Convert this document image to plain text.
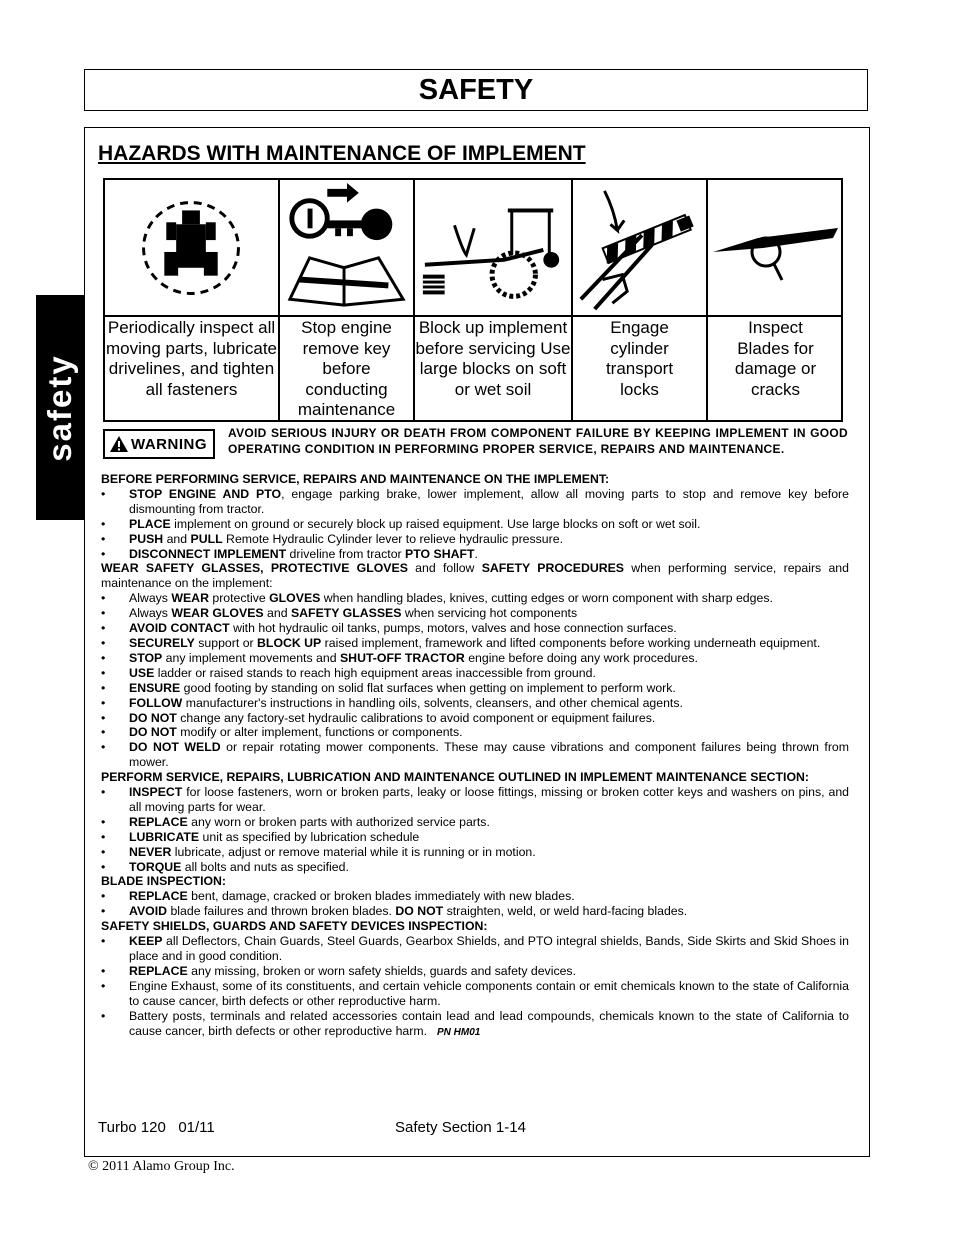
SAFETY
safety
HAZARDS WITH MAINTENANCE OF IMPLEMENT
Periodically inspect all moving parts, lubricate drivelines, and tighten all fasteners
Stop engine remove key before conducting maintenance
Block up implement before servicing Use large blocks on soft or wet soil
Engage cylinder transport locks
Inspect Blades for damage or cracks
WARNING
AVOID SERIOUS INJURY OR DEATH FROM COMPONENT FAILURE BY KEEPING IMPLEMENT IN GOOD OPERATING CONDITION IN PERFORMING PROPER SERVICE, REPAIRS AND MAINTENANCE.

BEFORE PERFORMING SERVICE, REPAIRS AND MAINTENANCE ON THE IMPLEMENT:

• STOP ENGINE AND PTO, engage parking brake, lower implement, allow all moving parts to stop and remove key before dismounting from tractor.

• PLACE implement on ground or securely block up raised equipment. Use large blocks on soft or wet soil.

• PUSH and PULL Remote Hydraulic Cylinder lever to relieve hydraulic pressure.

• DISCONNECT IMPLEMENT driveline from tractor PTO SHAFT.

WEAR SAFETY GLASSES, PROTECTIVE GLOVES and follow SAFETY PROCEDURES when performing service, repairs and maintenance on the implement:

• Always WEAR protective GLOVES when handling blades, knives, cutting edges or worn component with sharp edges.

• Always WEAR GLOVES and SAFETY GLASSES when servicing hot components

• AVOID CONTACT with hot hydraulic oil tanks, pumps, motors, valves and hose connection surfaces.

• SECURELY support or BLOCK UP raised implement, framework and lifted components before working underneath equipment.

• STOP any implement movements and SHUT-OFF TRACTOR engine before doing any work procedures.

• USE ladder or raised stands to reach high equipment areas inaccessible from ground.

• ENSURE good footing by standing on solid flat surfaces when getting on implement to perform work.

• FOLLOW manufacturer's instructions in handling oils, solvents, cleansers, and other chemical agents.

• DO NOT change any factory-set hydraulic calibrations to avoid component or equipment failures.

• DO NOT modify or alter implement, functions or components.

• DO NOT WELD or repair rotating mower components. These may cause vibrations and component failures being thrown from mower.

PERFORM SERVICE, REPAIRS, LUBRICATION AND MAINTENANCE OUTLINED IN IMPLEMENT MAINTENANCE SECTION:

• INSPECT for loose fasteners, worn or broken parts, leaky or loose fittings, missing or broken cotter keys and washers on pins, and all moving parts for wear.

• REPLACE any worn or broken parts with authorized service parts.

• LUBRICATE unit as specified by lubrication schedule

• NEVER lubricate, adjust or remove material while it is running or in motion.

• TORQUE all bolts and nuts as specified.

BLADE INSPECTION:

• REPLACE bent, damage, cracked or broken blades immediately with new blades.

• AVOID blade failures and thrown broken blades. DO NOT straighten, weld, or weld hard-facing blades.

SAFETY SHIELDS, GUARDS AND SAFETY DEVICES INSPECTION:

• KEEP all Deflectors, Chain Guards, Steel Guards, Gearbox Shields, and PTO integral shields, Bands, Side Skirts and Skid Shoes in place and in good condition.

• REPLACE any missing, broken or worn safety shields, guards and safety devices.

• Engine Exhaust, some of its constituents, and certain vehicle components contain or emit chemicals known to the state of California to cause cancer, birth defects or other reproductive harm.

• Battery posts, terminals and related accessories contain lead and lead compounds, chemicals known to the state of California to cause cancer, birth defects or other reproductive harm. PN HM01

Turbo 120   01/11	Safety Section 1-14
© 2011 Alamo Group Inc.
